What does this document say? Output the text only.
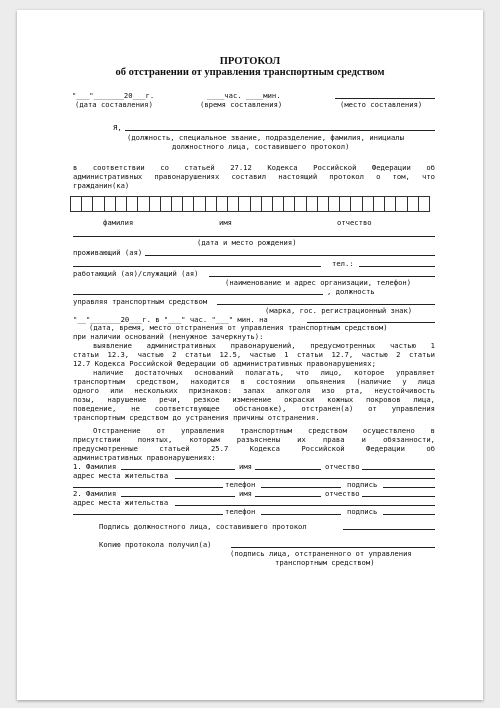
ПРОТОКОЛ
об отстранении от управления транспортным средством
"___"_______20___г.	____час. ____мин.
(дата составления)	(время составления)	(место составления)
Я,
(должность, специальное звание, подразделение, фамилия, инициалы
должностного лица, составившего протокол)
в соответствии со статьей 27.12 Кодекса Российской Федерации об
административных правонарушениях составил настоящий протокол о том, что
гражданин(ка)
фамилия	имя	отчество
(дата и место рождения)
проживающий (ая)
тел.:
работающий (ая)/служащий (ая)
(наименование и адрес организации, телефон)
, должность
управляя транспортным средством
(марка, гос. регистрационный знак)
"__"_______20___г. в "___" час. "___" мин. на
(дата, время, место отстранения от управления транспортным средством)
при наличии оснований (ненужное зачеркнуть):
выявление административных правонарушений, предусмотренных частью 1
статьи 12.3, частью 2 статьи 12.5, частью 1 статьи 12.7, частью 2 статьи
12.7 Кодекса Российской Федерации об административных правонарушениях;
наличие достаточных оснований полагать, что лицо, которое управляет
транспортным средством, находится в состоянии опьянения (наличие у лица
одного или нескольких признаков: запах алкоголя изо рта, неустойчивость
позы, нарушение речи, резкое изменение окраски кожных покровов лица,
поведение, не соответствующее обстановке), отстранен(а) от управления
транспортным средством до устранения причины отстранения.
Отстранение от управления транспортным средством осуществлено в
присутствии понятых, которым разъяснены их права и обязанности,
предусмотренные статьей 25.7 Кодекса Российской Федерации об
административных правонарушениях:
1. Фамилия	имя	отчество
адрес места жительства
телефон	подпись
2. Фамилия	имя	отчество
адрес места жительства
телефон	подпись
Подпись должностного лица, составившего протокол
Копию протокола получил(а)
(подпись лица, отстраненного от управления
транспортным средством)
